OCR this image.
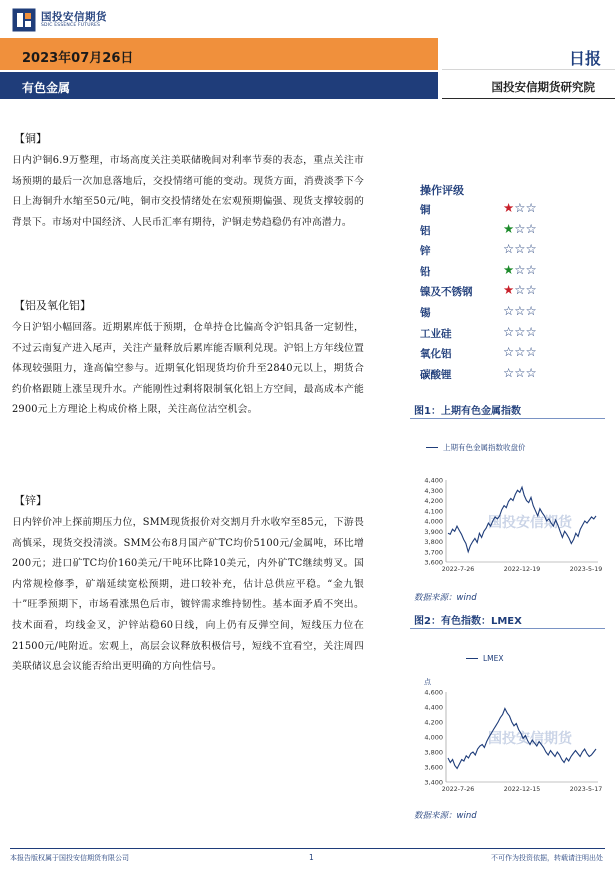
国投安信期货
SDIC ESSENCE FUTURES
2023年07月26日	日报
有色金属	国投安信期货研究院
【铜】
日内沪铜6.9万整理，市场高度关注美联储晚间对利率节奏的表态，重点关注市场预期的最后一次加息落地后，交投情绪可能的变动。现货方面，消费淡季下今日上海铜升水缩至50元/吨，铜市交投情绪处在宏观预期偏强、现货支撑较弱的背景下。市场对中国经济、人民币汇率有期待，沪铜走势趋稳仍有冲高潜力。
【铝及氧化铝】
今日沪铝小幅回落。近期累库低于预期，仓单持仓比偏高令沪铝具备一定韧性，不过云南复产进入尾声，关注产量释放后累库能否顺利兑现。沪铝上方年线位置体现较强阻力，逢高偏空参与。近期氧化铝现货均价升至2840元以上，期货合约价格跟随上涨呈现升水。产能刚性过剩将限制氧化铝上方空间，最高成本产能2900元上方理论上构成价格上限，关注高位沽空机会。
【锌】
日内锌价冲上探前期压力位，SMM现货报价对交割月升水收窄至85元，下游畏高慎采，现货交投清淡。SMM公布8月国产矿TC均价5100元/金属吨，环比增200元；进口矿TC均价160美元/干吨环比降10美元，内外矿TC继续剪叉。国内常规检修季，矿端延续宽松预期，进口较补充，估计总供应平稳。“金九银十”旺季预期下，市场看涨黑色后市，镀锌需求维持韧性。基本面矛盾不突出。技术面看，均线金叉，沪锌站稳60日线，向上仍有反弹空间，短线压力位在21500元/吨附近。宏观上，高层会议释放积极信号，短线不宜看空，关注周四美联储议息会议能否给出更明确的方向性信号。
操作评级
铜	★☆☆
铝	★☆☆
锌	☆☆☆
铅	★☆☆
镍及不锈钢 ★☆☆
锡	☆☆☆
工业硅	☆☆☆
氧化铝	☆☆☆
碳酸锂	☆☆☆
图1：上期有色金属指数
上期有色金属指数收盘价
国投安信期货
3,600
3,700
3,800
3,900
4,000
4,100
4,200
4,300
4,400
2022-7-26	2022-12-19	2023-5-19
数据来源：wind
图2：有色指数：LMEX
LMEX
国投安信期货
3,400
3,600
3,800
4,000
4,200
4,400
4,600
2022-7-26	2022-12-15	2023-5-17
点
数据来源：wind
本报告版权属于国投安信期货有限公司	1	不可作为投资依据，转载请注明出处
